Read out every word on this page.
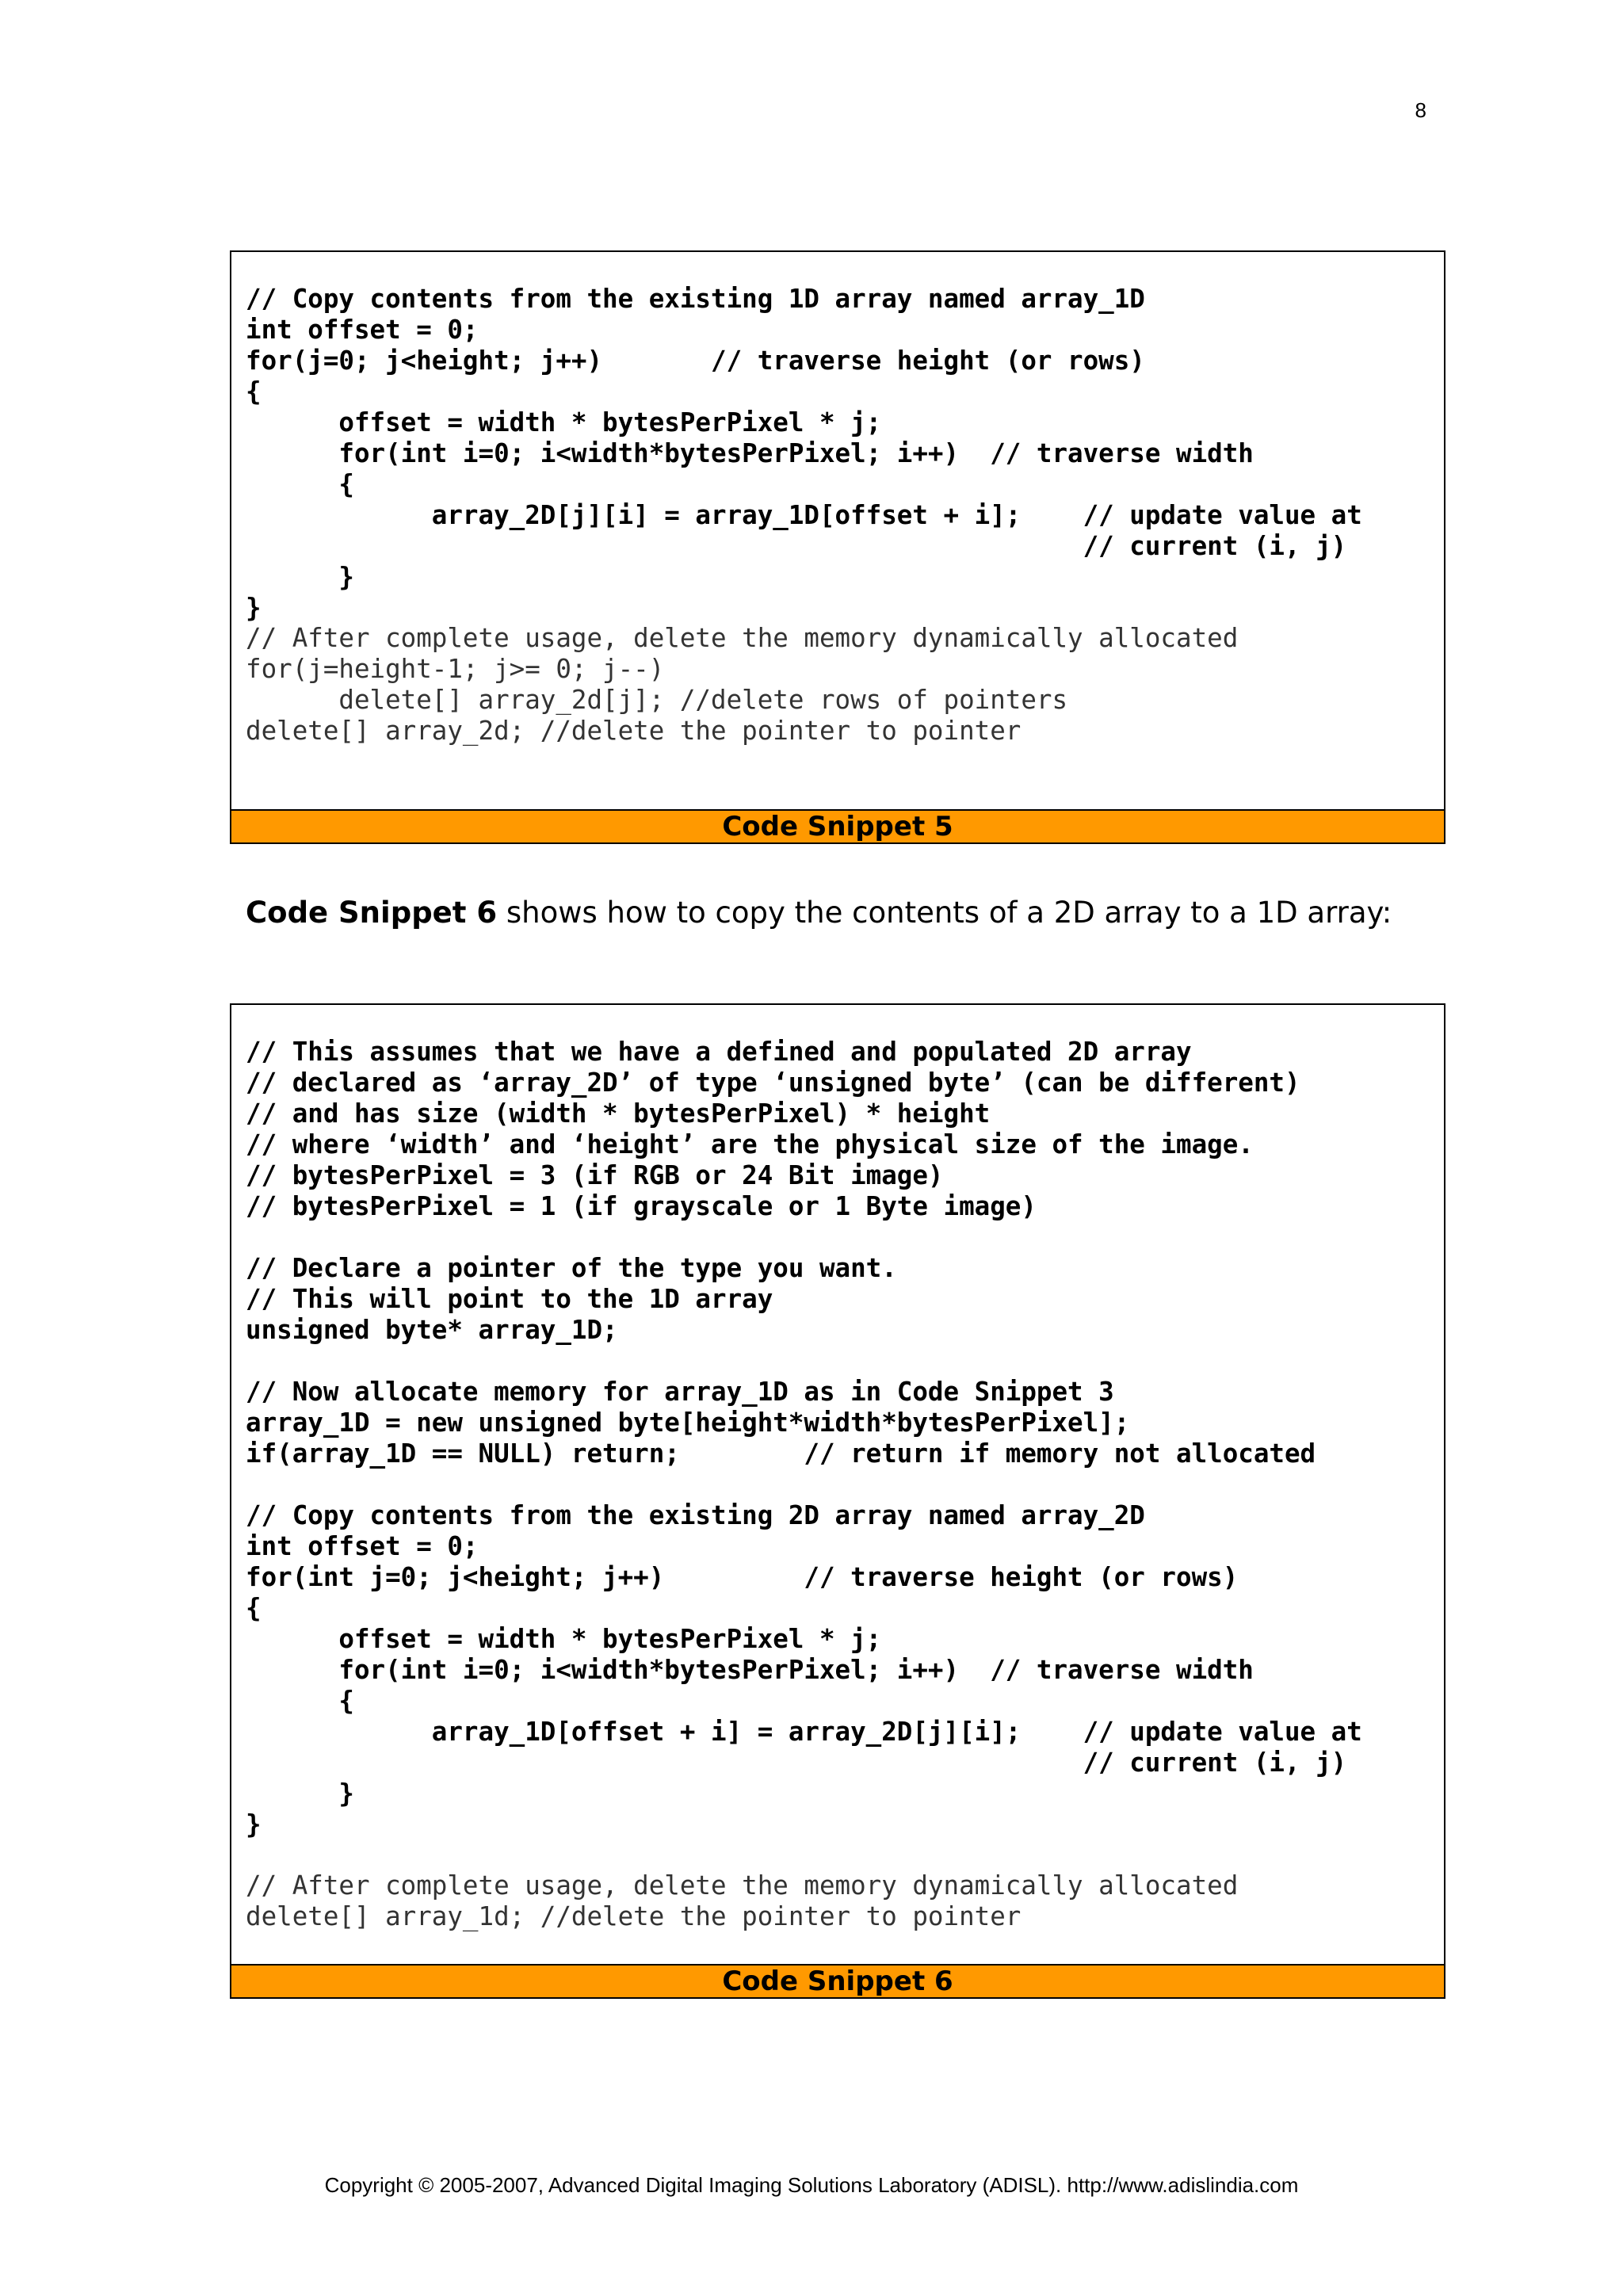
8
// Copy contents from the existing 1D array named array_1D
int offset = 0;
for(j=0; j<height; j++)       // traverse height (or rows)
{
offset = width * bytesPerPixel * j;
for(int i=0; i<width*bytesPerPixel; i++)  // traverse width
{
array_2D[j][i] = array_1D[offset + i];    // update value at
// current (i, j)
}
}
// After complete usage, delete the memory dynamically allocated
for(j=height-1; j>= 0; j--)
delete[] array_2d[j]; //delete rows of pointers
delete[] array_2d; //delete the pointer to pointer
Code Snippet 5
Code Snippet 6 shows how to copy the contents of a 2D array to a 1D array:
// This assumes that we have a defined and populated 2D array
// declared as ‘array_2D’ of type ‘unsigned byte’ (can be different)
// and has size (width * bytesPerPixel) * height
// where ‘width’ and ‘height’ are the physical size of the image.
// bytesPerPixel = 3 (if RGB or 24 Bit image)
// bytesPerPixel = 1 (if grayscale or 1 Byte image)

// Declare a pointer of the type you want.
// This will point to the 1D array
unsigned byte* array_1D;

// Now allocate memory for array_1D as in Code Snippet 3
array_1D = new unsigned byte[height*width*bytesPerPixel];
if(array_1D == NULL) return;        // return if memory not allocated

// Copy contents from the existing 2D array named array_2D
int offset = 0;
for(int j=0; j<height; j++)         // traverse height (or rows)
{
offset = width * bytesPerPixel * j;
for(int i=0; i<width*bytesPerPixel; i++)  // traverse width
{
array_1D[offset + i] = array_2D[j][i];    // update value at
// current (i, j)
}
}
// After complete usage, delete the memory dynamically allocated
delete[] array_1d; //delete the pointer to pointer
Code Snippet 6
Copyright © 2005-2007, Advanced Digital Imaging Solutions Laboratory (ADISL). http://www.adislindia.com
